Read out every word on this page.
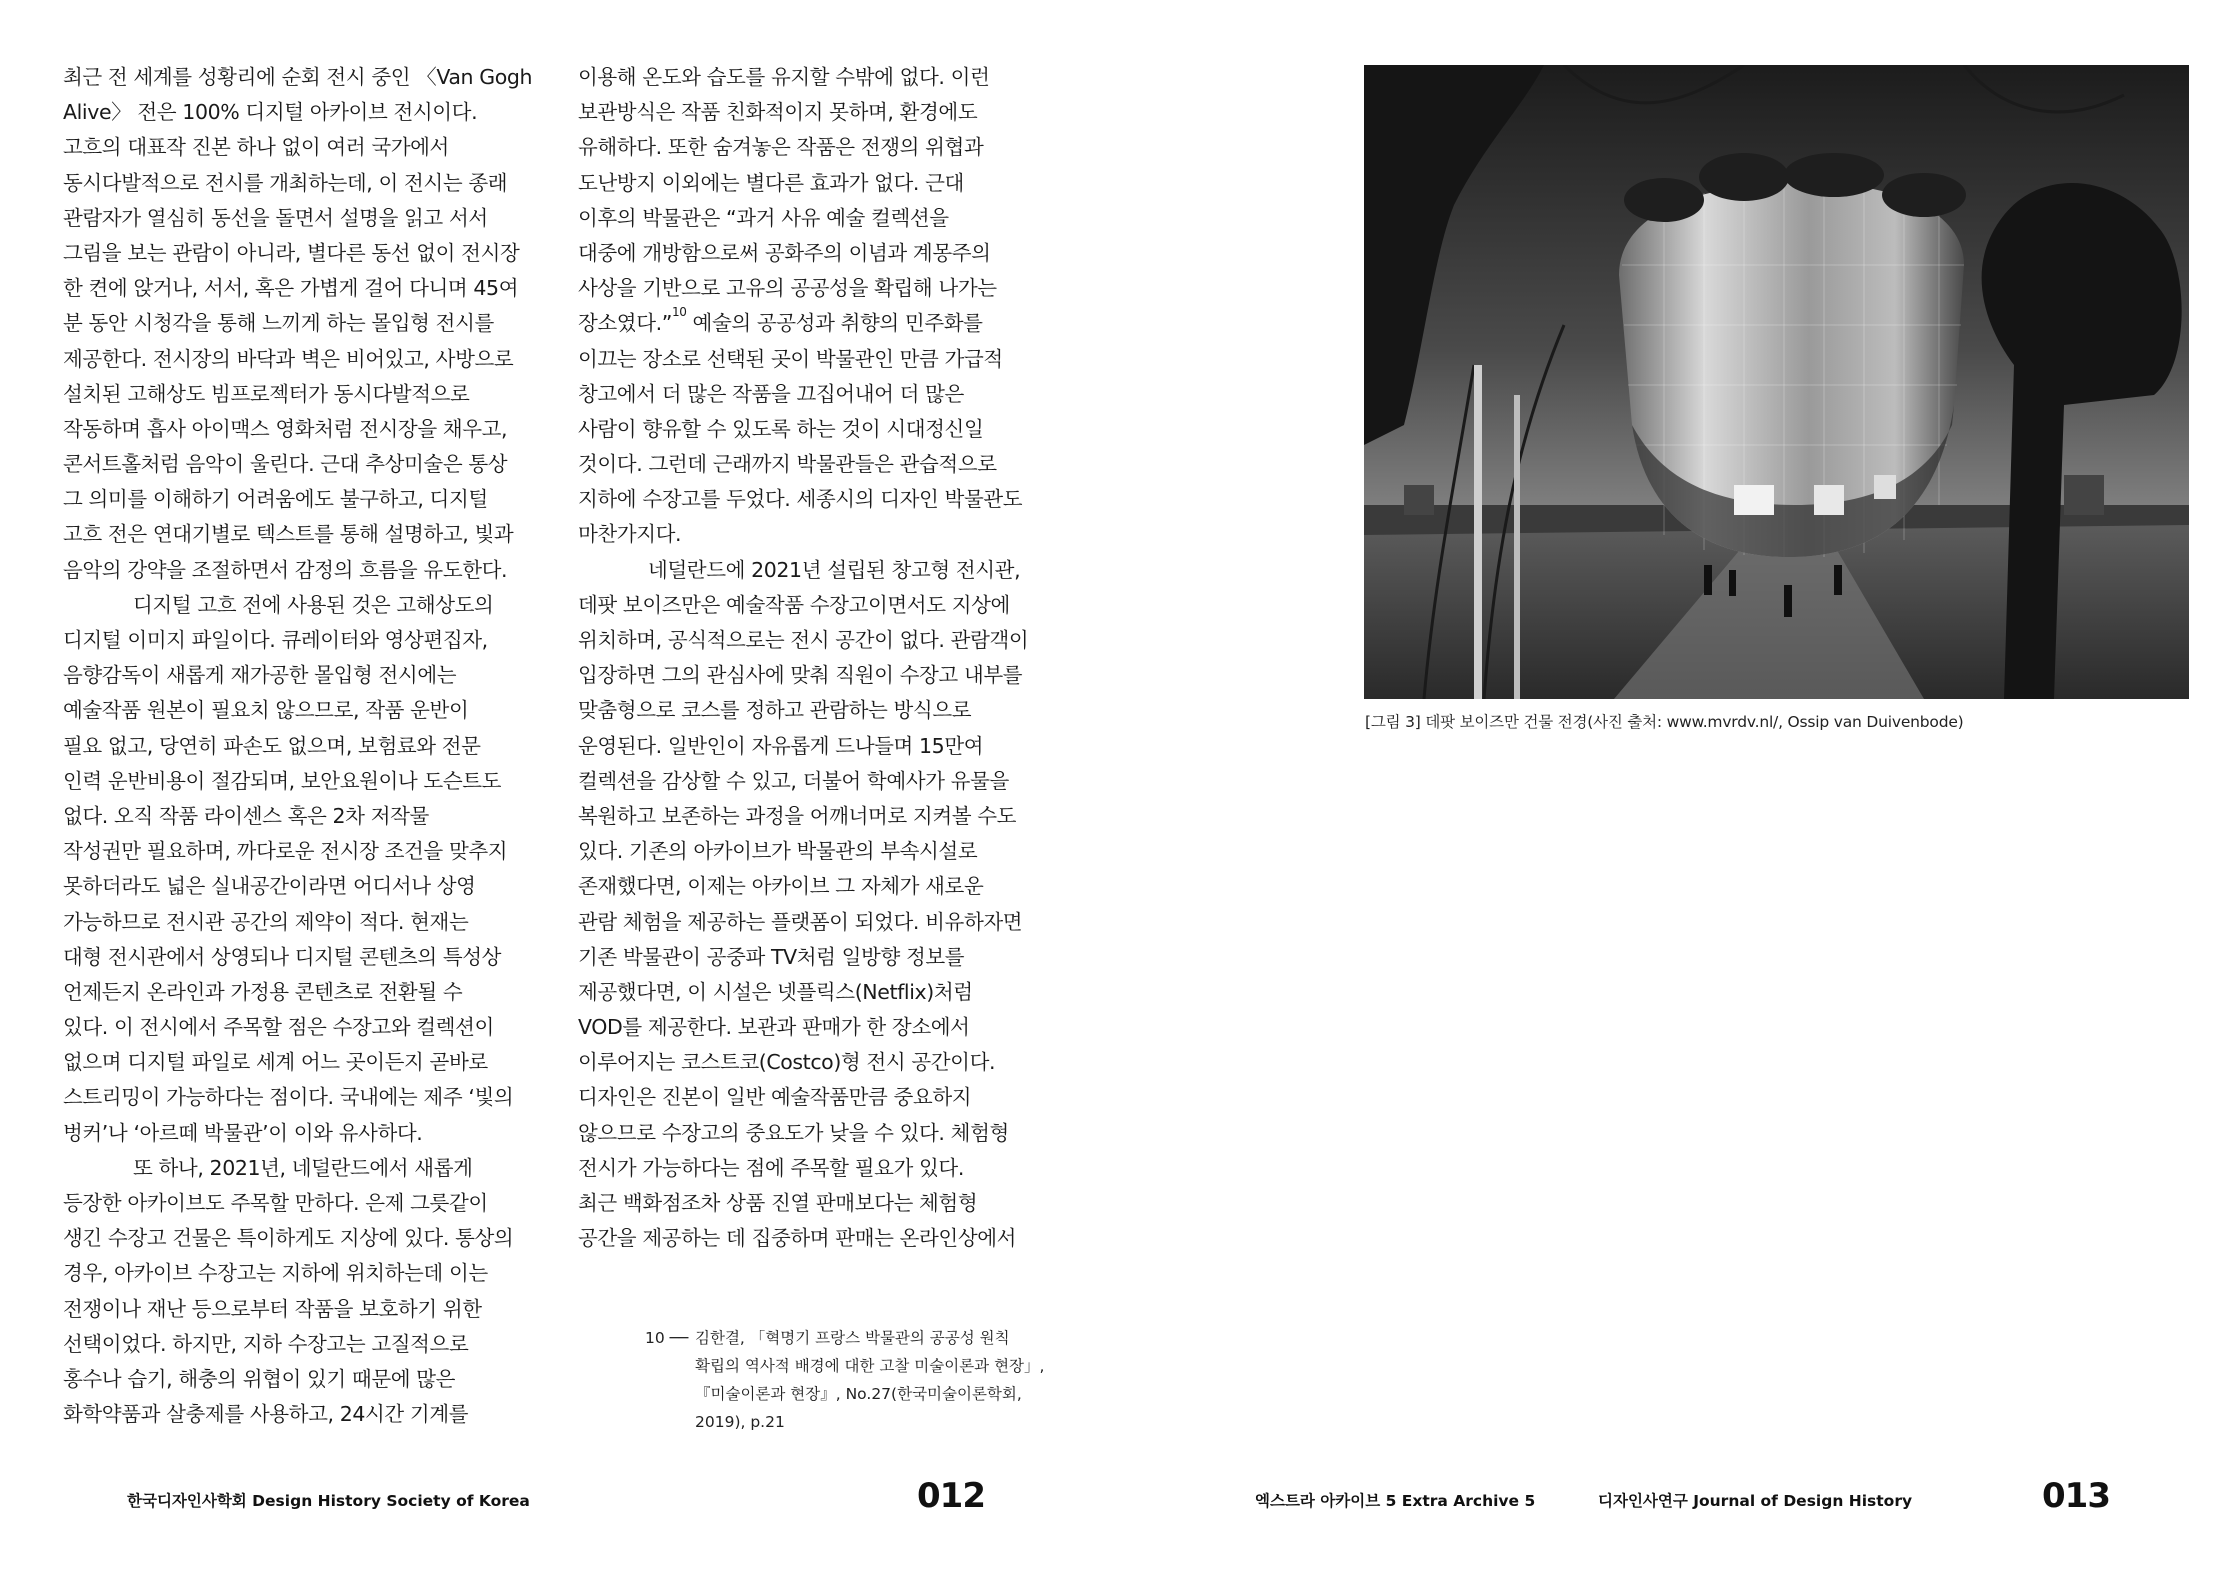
최근 전 세계를 성황리에 순회 전시 중인 〈Van Gogh
Alive〉 전은 100% 디지털 아카이브 전시이다.
고흐의 대표작 진본 하나 없이 여러 국가에서
동시다발적으로 전시를 개최하는데, 이 전시는 종래
관람자가 열심히 동선을 돌면서 설명을 읽고 서서
그림을 보는 관람이 아니라, 별다른 동선 없이 전시장
한 켠에 앉거나, 서서, 혹은 가볍게 걸어 다니며 45여
분 동안 시청각을 통해 느끼게 하는 몰입형 전시를
제공한다. 전시장의 바닥과 벽은 비어있고, 사방으로
설치된 고해상도 빔프로젝터가 동시다발적으로
작동하며 흡사 아이맥스 영화처럼 전시장을 채우고,
콘서트홀처럼 음악이 울린다. 근대 추상미술은 통상
그 의미를 이해하기 어려움에도 불구하고, 디지털
고흐 전은 연대기별로 텍스트를 통해 설명하고, 빛과
음악의 강약을 조절하면서 감정의 흐름을 유도한다.
디지털 고흐 전에 사용된 것은 고해상도의
디지털 이미지 파일이다. 큐레이터와 영상편집자,
음향감독이 새롭게 재가공한 몰입형 전시에는
예술작품 원본이 필요치 않으므로, 작품 운반이
필요 없고, 당연히 파손도 없으며, 보험료와 전문
인력 운반비용이 절감되며, 보안요원이나 도슨트도
없다. 오직 작품 라이센스 혹은 2차 저작물
작성권만 필요하며, 까다로운 전시장 조건을 맞추지
못하더라도 넓은 실내공간이라면 어디서나 상영
가능하므로 전시관 공간의 제약이 적다. 현재는
대형 전시관에서 상영되나 디지털 콘텐츠의 특성상
언제든지 온라인과 가정용 콘텐츠로 전환될 수
있다. 이 전시에서 주목할 점은 수장고와 컬렉션이
없으며 디지털 파일로 세계 어느 곳이든지 곧바로
스트리밍이 가능하다는 점이다. 국내에는 제주 ‘빛의
벙커’나 ‘아르떼 박물관’이 이와 유사하다.
또 하나, 2021년, 네덜란드에서 새롭게
등장한 아카이브도 주목할 만하다. 은제 그릇같이
생긴 수장고 건물은 특이하게도 지상에 있다. 통상의
경우, 아카이브 수장고는 지하에 위치하는데 이는
전쟁이나 재난 등으로부터 작품을 보호하기 위한
선택이었다. 하지만, 지하 수장고는 고질적으로
홍수나 습기, 해충의 위협이 있기 때문에 많은
화학약품과 살충제를 사용하고, 24시간 기계를
이용해 온도와 습도를 유지할 수밖에 없다. 이런
보관방식은 작품 친화적이지 못하며, 환경에도
유해하다. 또한 숨겨놓은 작품은 전쟁의 위협과
도난방지 이외에는 별다른 효과가 없다. 근대
이후의 박물관은 “과거 사유 예술 컬렉션을
대중에 개방함으로써 공화주의 이념과 계몽주의
사상을 기반으로 고유의 공공성을 확립해 나가는
장소였다.”$^{10}$ 예술의 공공성과 취향의 민주화를
이끄는 장소로 선택된 곳이 박물관인 만큼 가급적
창고에서 더 많은 작품을 끄집어내어 더 많은
사람이 향유할 수 있도록 하는 것이 시대정신일
것이다. 그런데 근래까지 박물관들은 관습적으로
지하에 수장고를 두었다. 세종시의 디자인 박물관도
마찬가지다.
네덜란드에 2021년 설립된 창고형 전시관,
데팟 보이즈만은 예술작품 수장고이면서도 지상에
위치하며, 공식적으로는 전시 공간이 없다. 관람객이
입장하면 그의 관심사에 맞춰 직원이 수장고 내부를
맞춤형으로 코스를 정하고 관람하는 방식으로
운영된다. 일반인이 자유롭게 드나들며 15만여
컬렉션을 감상할 수 있고, 더불어 학예사가 유물을
복원하고 보존하는 과정을 어깨너머로 지켜볼 수도
있다. 기존의 아카이브가 박물관의 부속시설로
존재했다면, 이제는 아카이브 그 자체가 새로운
관람 체험을 제공하는 플랫폼이 되었다. 비유하자면
기존 박물관이 공중파 TV처럼 일방향 정보를
제공했다면, 이 시설은 넷플릭스(Netflix)처럼
VOD를 제공한다. 보관과 판매가 한 장소에서
이루어지는 코스트코(Costco)형 전시 공간이다.
디자인은 진본이 일반 예술작품만큼 중요하지
않으므로 수장고의 중요도가 낮을 수 있다. 체험형
전시가 가능하다는 점에 주목할 필요가 있다.
최근 백화점조차 상품 진열 판매보다는 체험형
공간을 제공하는 데 집중하며 판매는 온라인상에서
10 ── 김한결, 「혁명기 프랑스 박물관의 공공성 원칙
확립의 역사적 배경에 대한 고찰 미술이론과 현장」,
『미술이론과 현장』, No.27(한국미술이론학회,
2019), p.21
[그림 3] 데팟 보이즈만 건물 전경(사진 출처: www.mvrdv.nl/, Ossip van Duivenbode)
한국디자인사학회 Design History Society of Korea	012	엑스트라 아카이브 5 Extra Archive 5	디자인사연구 Journal of Design History	013
